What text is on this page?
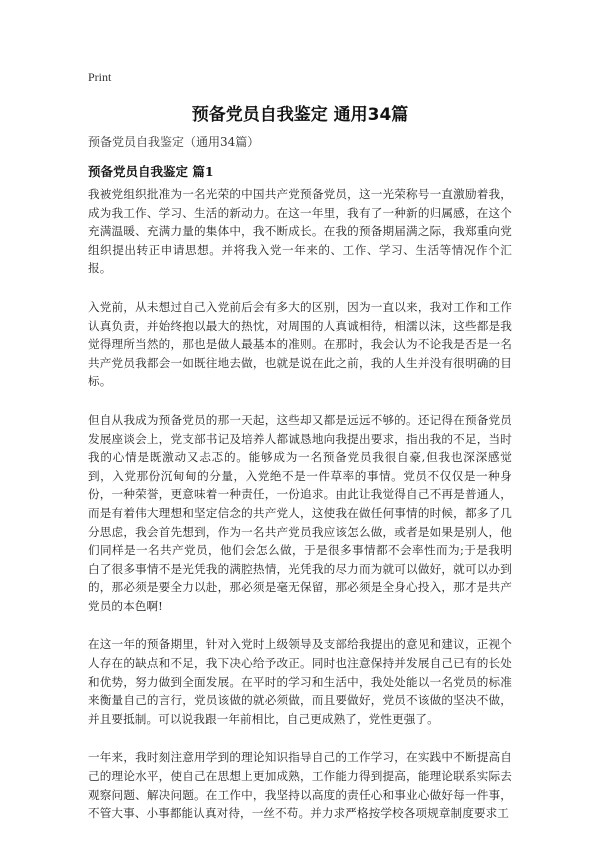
Print
预备党员自我鉴定 通用34篇
预备党员自我鉴定（通用34篇）
预备党员自我鉴定 篇1

我被党组织批准为一名光荣的中国共产党预备党员，这一光荣称号一直激励着我，成为我工作、学习、生活的新动力。在这一年里，我有了一种新的归属感，在这个充满温暖、充满力量的集体中，我不断成长。在我的预备期届满之际，我郑重向党组织提出转正申请思想。并将我入党一年来的、工作、学习、生活等情况作个汇报。

入党前，从未想过自己入党前后会有多大的区别，因为一直以来，我对工作和工作认真负责，并始终抱以最大的热忱，对周围的人真诚相待，相濡以沫，这些都是我觉得理所当然的，那也是做人最基本的准则。在那时，我会认为不论我是否是一名共产党员我都会一如既往地去做，也就是说在此之前，我的人生并没有很明确的目标。

但自从我成为预备党员的那一天起，这些却又都是远远不够的。还记得在预备党员发展座谈会上，党支部书记及培养人都诚恳地向我提出要求，指出我的不足，当时我的心情是既激动又忐忑的。能够成为一名预备党员我很自豪,但我也深深感觉到，入党那份沉甸甸的分量，入党绝不是一件草率的事情。党员不仅仅是一种身份，一种荣誉，更意味着一种责任，一份追求。由此让我觉得自己不再是普通人，而是有着伟大理想和坚定信念的共产党人，这使我在做任何事情的时候，都多了几分思虑，我会首先想到，作为一名共产党员我应该怎么做，或者是如果是别人，他们同样是一名共产党员，他们会怎么做，于是很多事情都不会率性而为;于是我明白了很多事情不是光凭我的满腔热情，光凭我的尽力而为就可以做好，就可以办到的，那必须是要全力以赴，那必须是毫无保留，那必须是全身心投入，那才是共产党员的本色啊!

在这一年的预备期里，针对入党时上级领导及支部给我提出的意见和建议，正视个人存在的缺点和不足，我下决心给予改正。同时也注意保持并发展自己已有的长处和优势，努力做到全面发展。在平时的学习和生活中，我处处能以一名党员的标准来衡量自己的言行，党员该做的就必须做，而且要做好，党员不该做的坚决不做，并且要抵制。可以说我跟一年前相比，自己更成熟了，党性更强了。

一年来，我时刻注意用学到的理论知识指导自己的工作学习，在实践中不断提高自己的理论水平，使自己在思想上更加成熟，工作能力得到提高，能理论联系实际去观察问题、解决问题。在工作中，我坚持以高度的责任心和事业心做好每一件事，不管大事、小事都能认真对待，一丝不苟。并力求严格按学校各项规章制度要求工
